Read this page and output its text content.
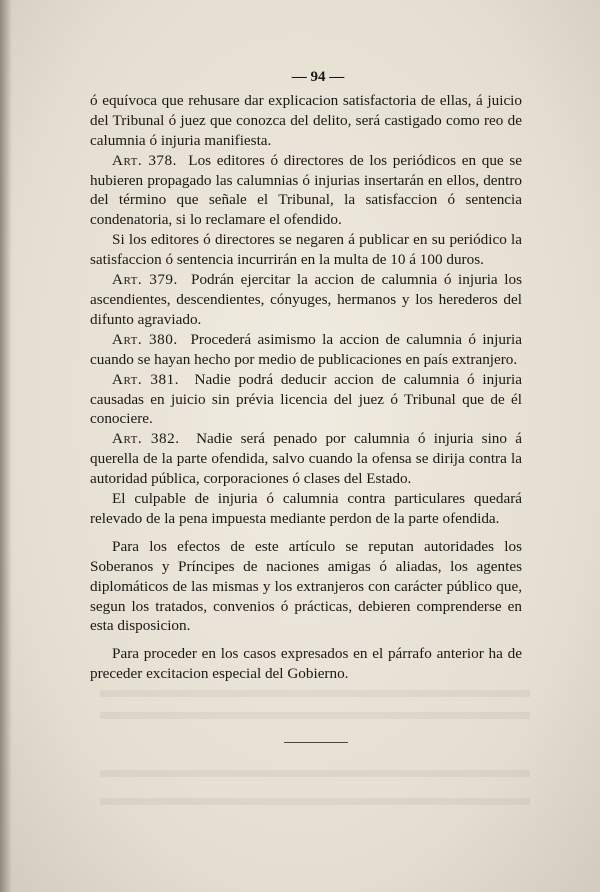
— 94 —

ó equívoca que rehusare dar explicacion satisfactoria de ellas, á juicio del Tribunal ó juez que conozca del delito, será castigado como reo de calumnia ó injuria manifiesta.

Art. 378. Los editores ó directores de los periódicos en que se hubieren propagado las calumnias ó injurias insertarán en ellos, dentro del término que señale el Tribunal, la satisfaccion ó sentencia condenatoria, si lo reclamare el ofendido.

Si los editores ó directores se negaren á publicar en su periódico la satisfaccion ó sentencia incurrirán en la multa de 10 á 100 duros.

Art. 379. Podrán ejercitar la accion de calumnia ó injuria los ascendientes, descendientes, cónyuges, hermanos y los herederos del difunto agraviado.

Art. 380. Procederá asimismo la accion de calumnia ó injuria cuando se hayan hecho por medio de publicaciones en país extranjero.

Art. 381. Nadie podrá deducir accion de calumnia ó injuria causadas en juicio sin prévia licencia del juez ó Tribunal que de él conociere.

Art. 382. Nadie será penado por calumnia ó injuria sino á querella de la parte ofendida, salvo cuando la ofensa se dirija contra la autoridad pública, corporaciones ó clases del Estado.

El culpable de injuria ó calumnia contra particulares quedará relevado de la pena impuesta mediante perdon de la parte ofendida.

Para los efectos de este artículo se reputan autoridades los Soberanos y Príncipes de naciones amigas ó aliadas, los agentes diplomáticos de las mismas y los extranjeros con carácter público que, segun los tratados, convenios ó prácticas, debieren comprenderse en esta disposicion.

Para proceder en los casos expresados en el párrafo anterior ha de preceder excitacion especial del Gobierno.
